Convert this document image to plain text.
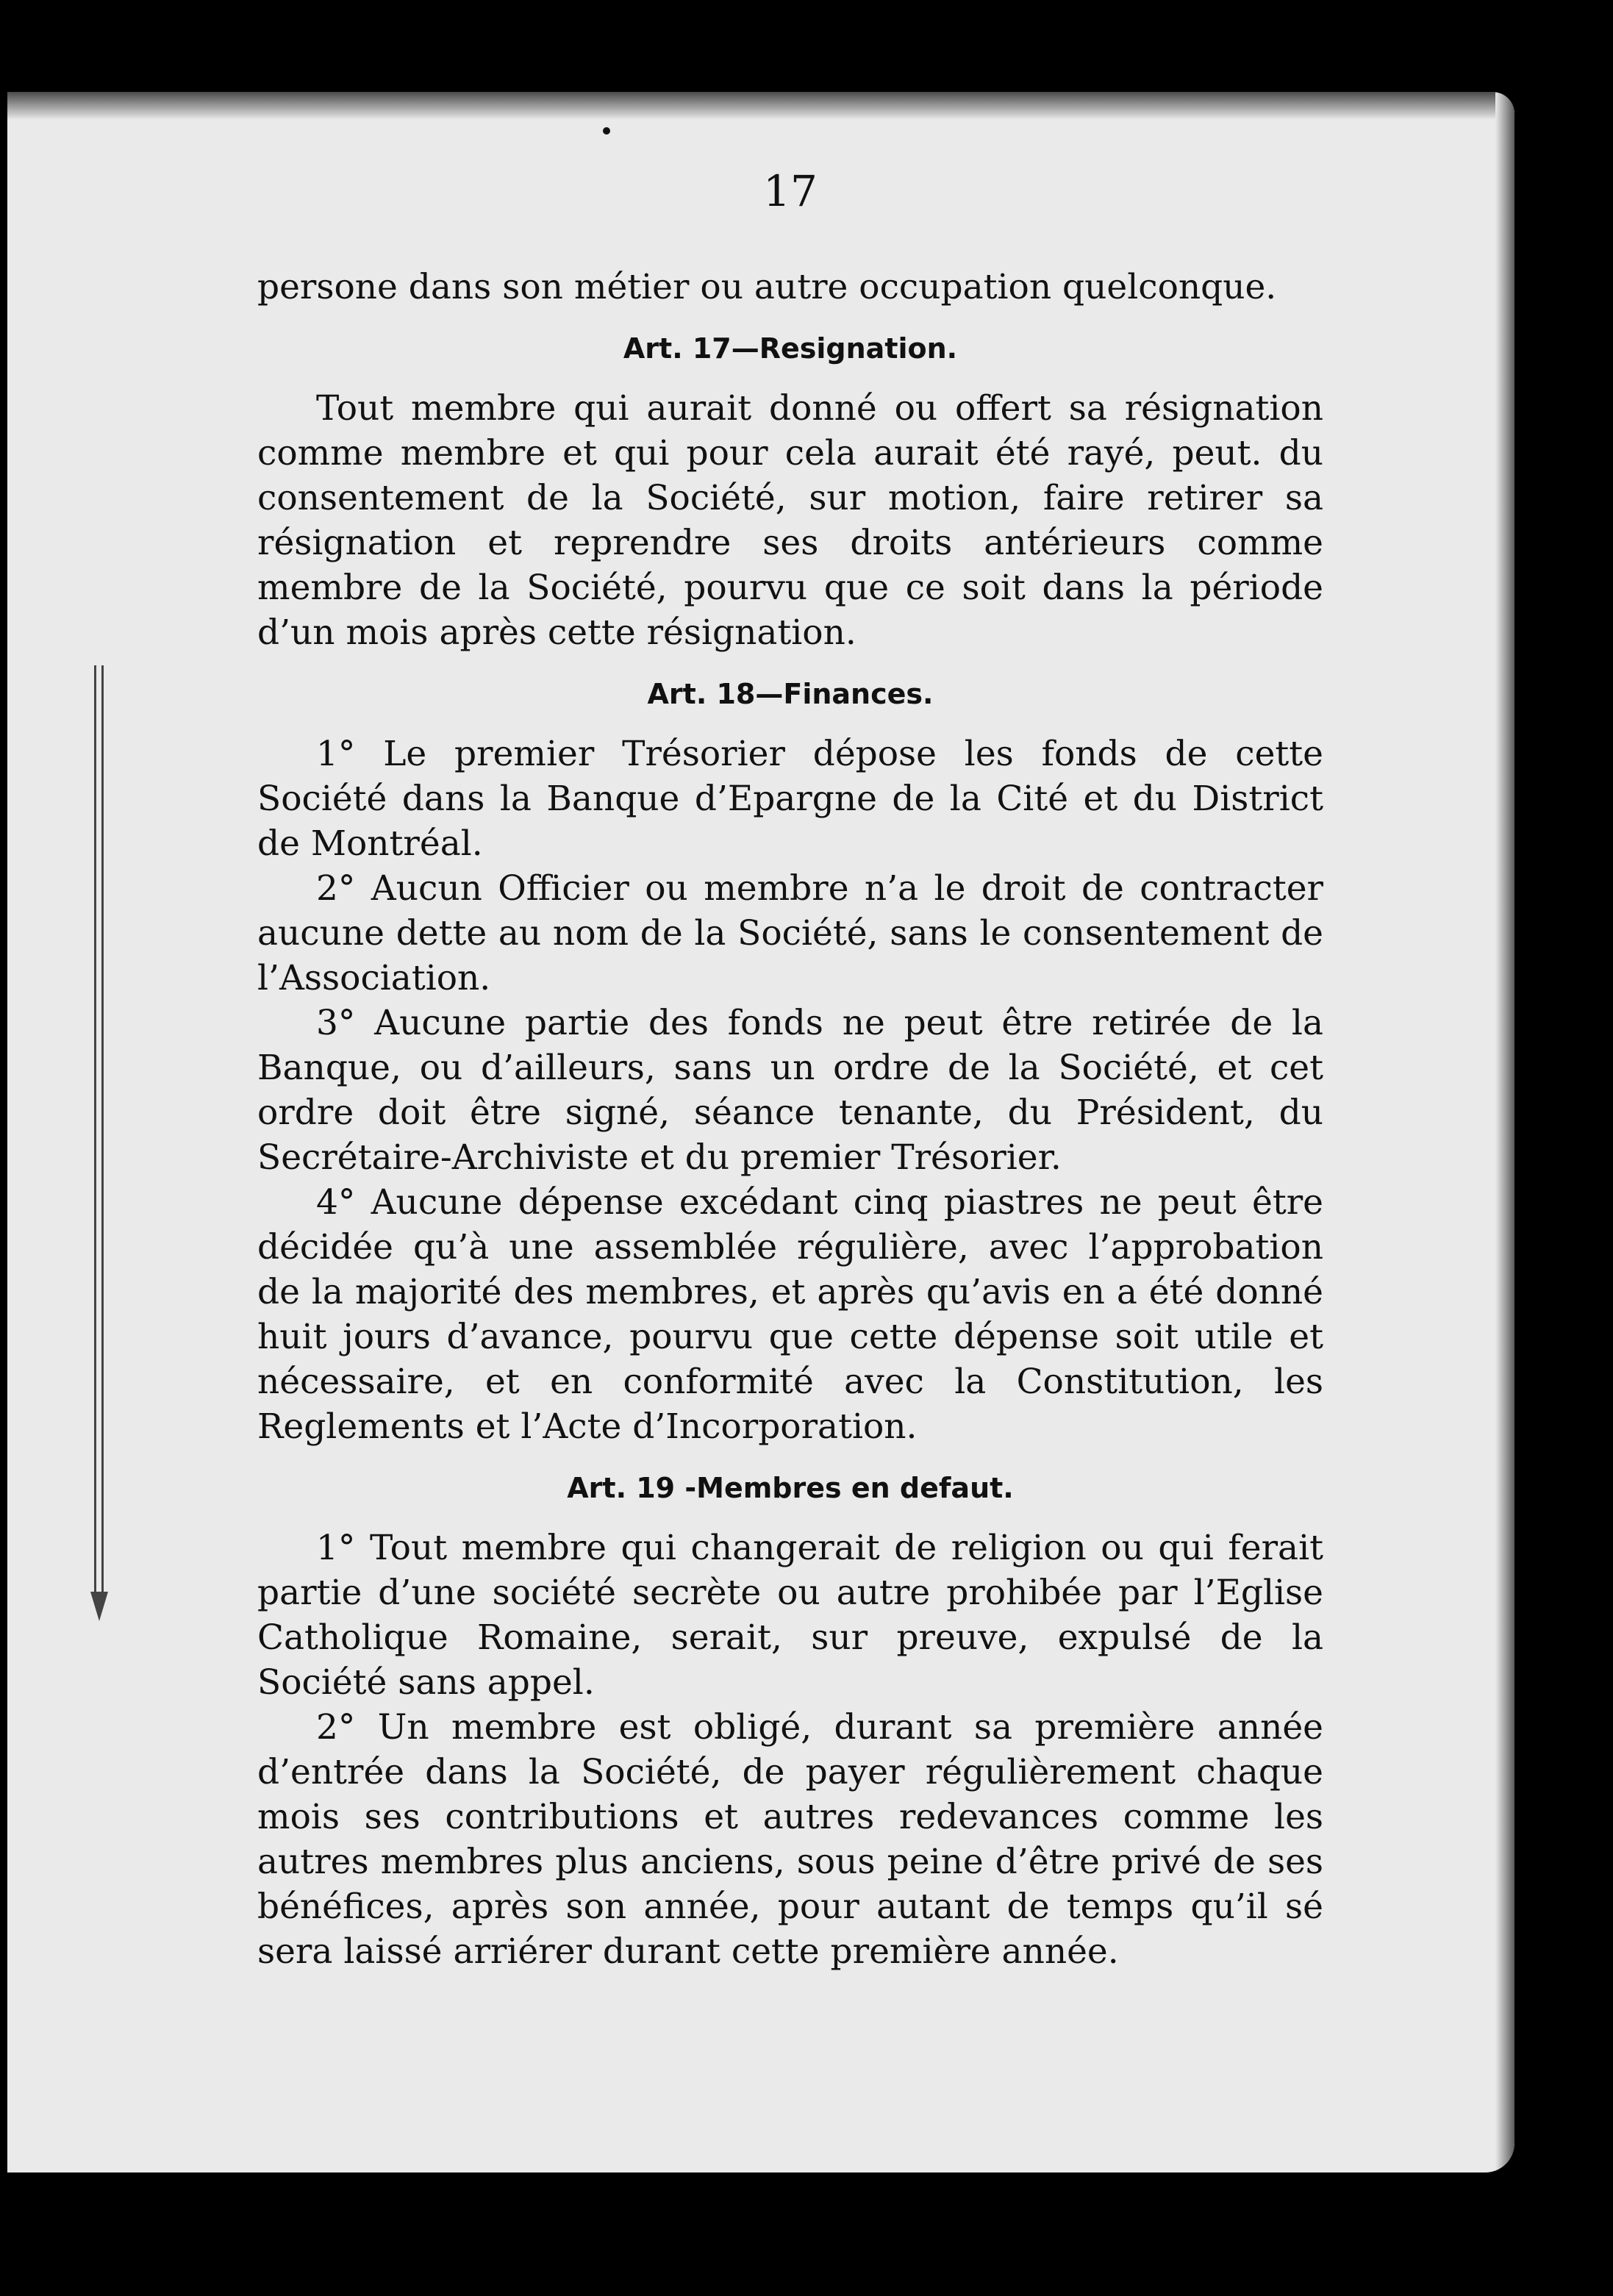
17

persone dans son métier ou autre occupation quelconque.

Art. 17—Resignation.

Tout membre qui aurait donné ou offert sa résignation comme membre et qui pour cela aurait été rayé, peut. du consentement de la Société, sur motion, faire retirer sa résignation et reprendre ses droits antérieurs comme membre de la Société, pourvu que ce soit dans la période d’un mois après cette résignation.

Art. 18—Finances.

1° Le premier Trésorier dépose les fonds de cette Société dans la Banque d’Epargne de la Cité et du District de Montréal.

2° Aucun Officier ou membre n’a le droit de contracter aucune dette au nom de la Société, sans le consentement de l’Association.

3° Aucune partie des fonds ne peut être retirée de la Banque, ou d’ailleurs, sans un ordre de la Société, et cet ordre doit être signé, séance tenante, du Président, du Secrétaire-Archiviste et du premier Trésorier.

4° Aucune dépense excédant cinq piastres ne peut être décidée qu’à une assemblée régulière, avec l’approbation de la majorité des membres, et après qu’avis en a été donné huit jours d’avance, pourvu que cette dépense soit utile et nécessaire, et en conformité avec la Constitution, les Reglements et l’Acte d’Incorporation.

Art. 19 -Membres en defaut.

1° Tout membre qui changerait de religion ou qui ferait partie d’une société secrète ou autre prohibée par l’Eglise Catholique Romaine, serait, sur preuve, expulsé de la Société sans appel.

2° Un membre est obligé, durant sa première année d’entrée dans la Société, de payer régulièrement chaque mois ses contributions et autres redevances comme les autres membres plus anciens, sous peine d’être privé de ses bénéfices, après son année, pour autant de temps qu’il sé sera laissé arriérer durant cette première année.
